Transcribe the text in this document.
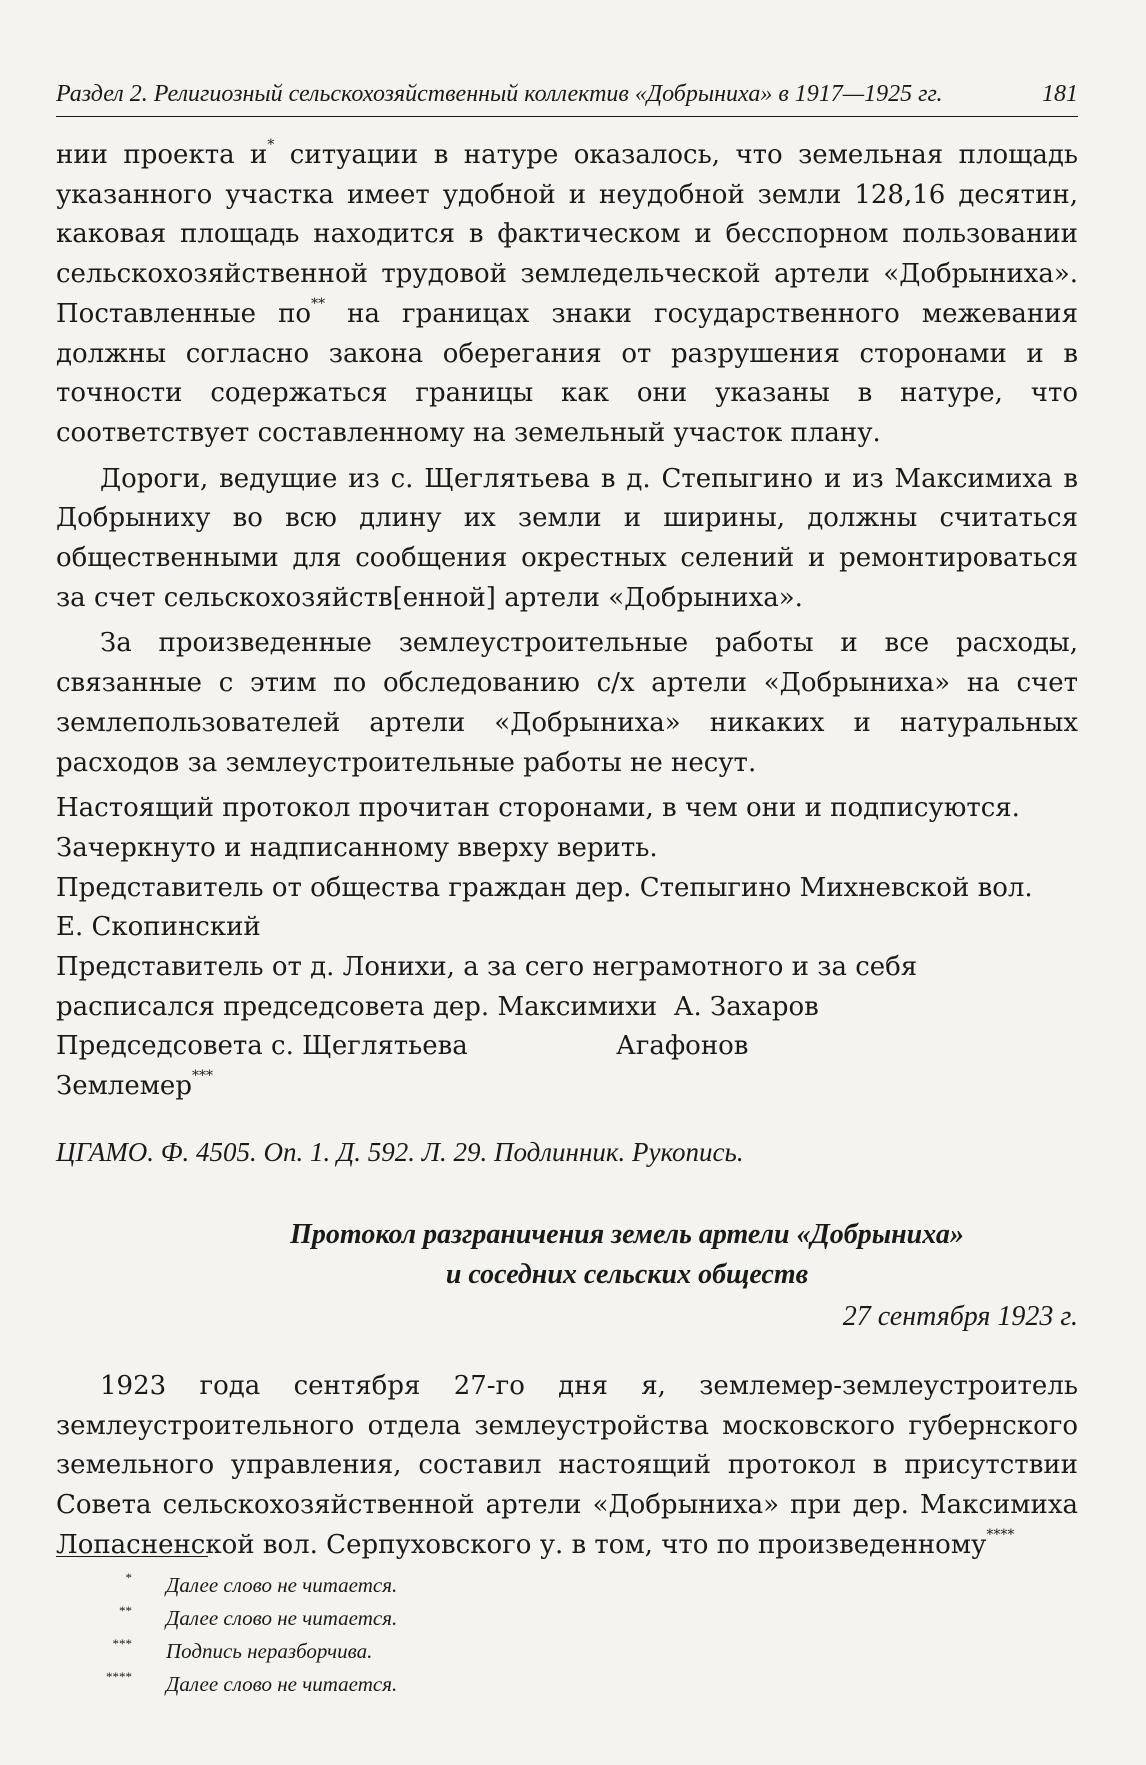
Раздел 2. Религиозный сельскохозяйственный коллектив «Добрыниха» в 1917—1925 гг.	181

нии проекта и* ситуации в натуре оказалось, что земельная площадь указанного участка имеет удобной и неудобной земли 128,16 десятин, каковая площадь находится в фактическом и бесспорном пользовании сельскохозяйственной трудовой земледельческой артели «Добрыниха». Поставленные по** на границах знаки государственного межевания должны согласно закона оберегания от разрушения сторонами и в точности содержаться границы как они указаны в натуре, что соответствует составленному на земельный участок плану.

Дороги, ведущие из с. Щеглятьева в д. Степыгино и из Максимиха в Добрыниху во всю длину их земли и ширины, должны считаться общественными для сообщения окрестных селений и ремонтироваться за счет сельскохозяйств[енной] артели «Добрыниха».

За произведенные землеустроительные работы и все расходы, связанные с этим по обследованию с/х артели «Добрыниха» на счет землепользователей артели «Добрыниха» никаких и натуральных расходов за землеустроительные работы не несут.

Настоящий протокол прочитан сторонами, в чем они и подписуются.

Зачеркнуто и надписанному вверху верить.

Представитель от общества граждан дер. Степыгино Михневской вол.

Е. Скопинский

Представитель от д. Лонихи, а за сего неграмотного и за себя расписался председсовета дер. Максимихи А. Захаров

Председсовета с. Щеглятьева	Агафонов

Землемер***

ЦГАМО. Ф. 4505. Оп. 1. Д. 592. Л. 29. Подлинник. Рукопись.

Протокол разграничения земель артели «Добрыниха»
и соседних сельских обществ

27 сентября 1923 г.

1923 года сентября 27-го дня я, землемер-землеустроитель землеустроительного отдела землеустройства московского губернского земельного управления, составил настоящий протокол в присутствии Совета сельскохозяйственной артели «Добрыниха» при дер. Максимиха Лопасненской вол. Серпуховского у. в том, что по произведенному****

*	Далее слово не читается.
**	Далее слово не читается.
***	Подпись неразборчива.
****	Далее слово не читается.
